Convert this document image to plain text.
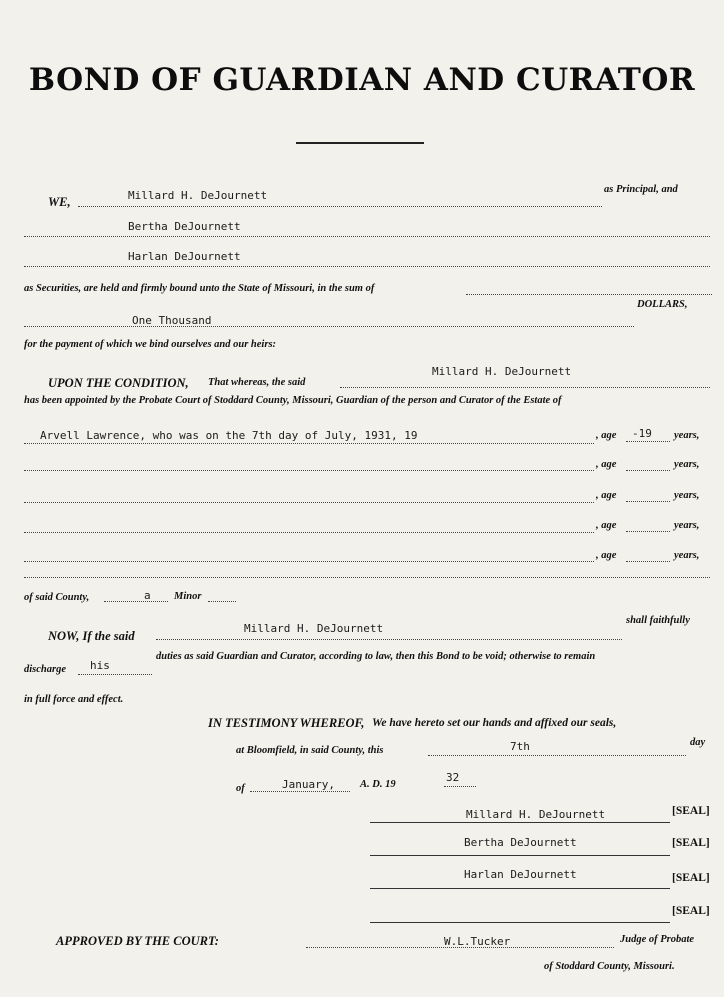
BOND OF GUARDIAN AND CURATOR
WE,	Millard H. DeJournett	as Principal, and
Bertha DeJournett
Harlan DeJournett
as Securities, are held and firmly bound unto the State of Missouri, in the sum of
One Thousand
DOLLARS,
for the payment of which we bind ourselves and our heirs:
UPON THE CONDITION, That whereas, the said
Millard H. DeJournett
has been appointed by the Probate Court of Stoddard County, Missouri, Guardian of the person and Curator of the Estate of
Arvell Lawrence, who was on the 7th day of July, 1931, 19	, age -19 years,
, age	years,
, age	years,
, age	years,
, age	years,
of said County,	a Minor
NOW, If the said
Millard H. DeJournett
shall faithfully
discharge his
duties as said Guardian and Curator, according to law, then this Bond to be void; otherwise to remain
in full force and effect.
IN TESTIMONY WHEREOF, We have hereto set our hands and affixed our seals,
at Bloomfield, in said County, this	7th	day
of	January, A. D. 19
32
Millard H. DeJournett	[SEAL]
Bertha DeJournett	[SEAL]
Harlan DeJournett	[SEAL]
[SEAL]
APPROVED BY THE COURT:	W.L.Tucker	Judge of Probate
of Stoddard County, Missouri.
